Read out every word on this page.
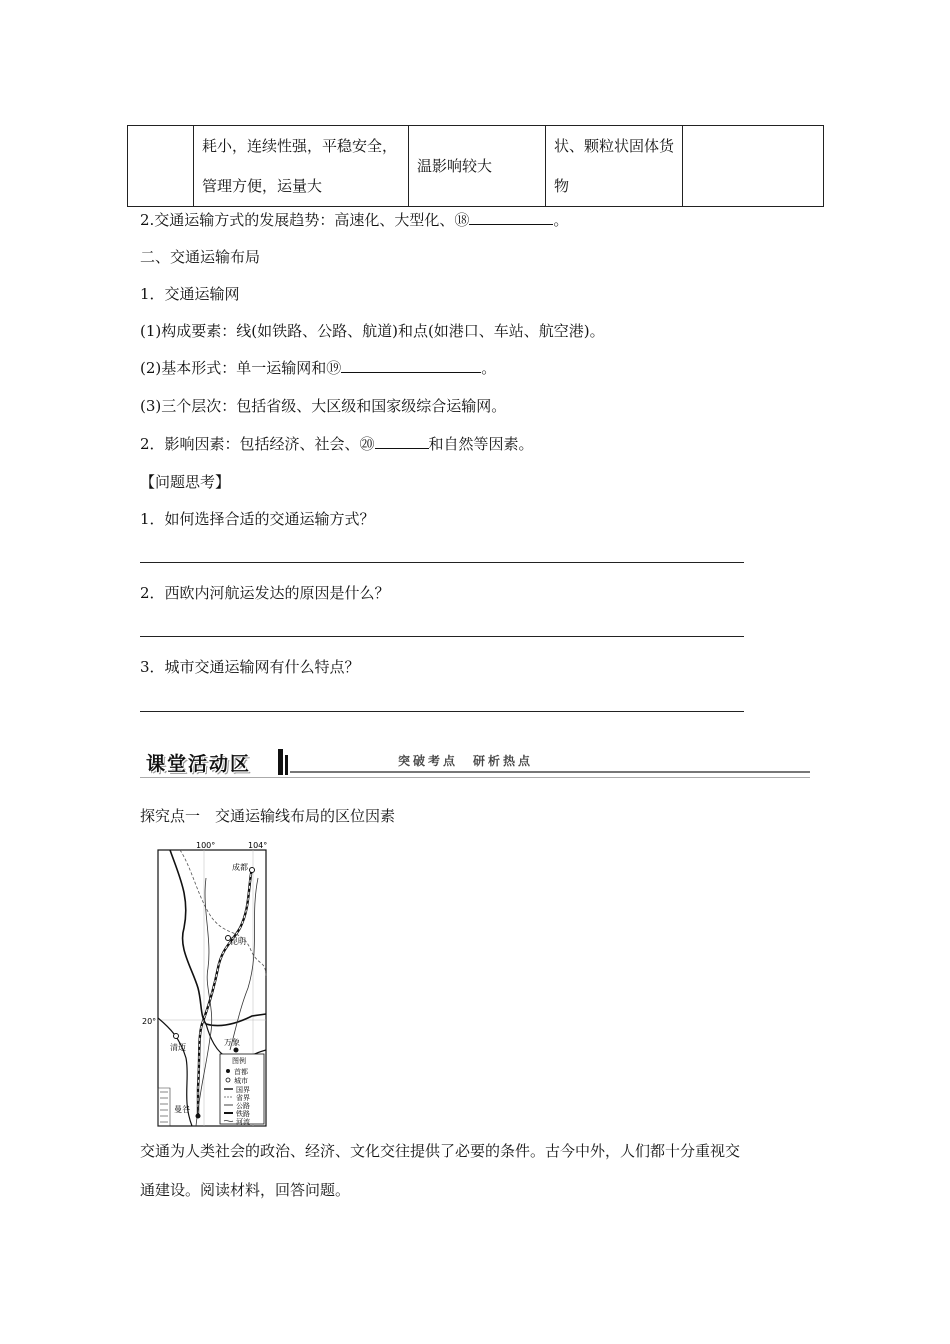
	耗小，连续性强，平稳安全，管理方便，运量大	温影响较大	状、颗粒状固体货物	
2.交通运输方式的发展趋势：高速化、大型化、⑱	。
二、交通运输布局
1．交通运输网
(1)构成要素：线(如铁路、公路、航道)和点(如港口、车站、航空港)。
(2)基本形式：单一运输网和⑲	。
(3)三个层次：包括省级、大区级和国家级综合运输网。
2．影响因素：包括经济、社会、⑳	和自然等因素。
【问题思考】
1．如何选择合适的交通运输方式？
2．西欧内河航运发达的原因是什么？
3．城市交通运输网有什么特点？
课堂活动区	突破考点　研析热点
探究点一　交通运输线布局的区位因素
100°	104°
20°
成都
昆明
清迈
万象
曼谷
图例
首都
城市
国界
省界
公路
铁路
河流
交通为人类社会的政治、经济、文化交往提供了必要的条件。古今中外，人们都十分重视交
通建设。阅读材料，回答问题。
